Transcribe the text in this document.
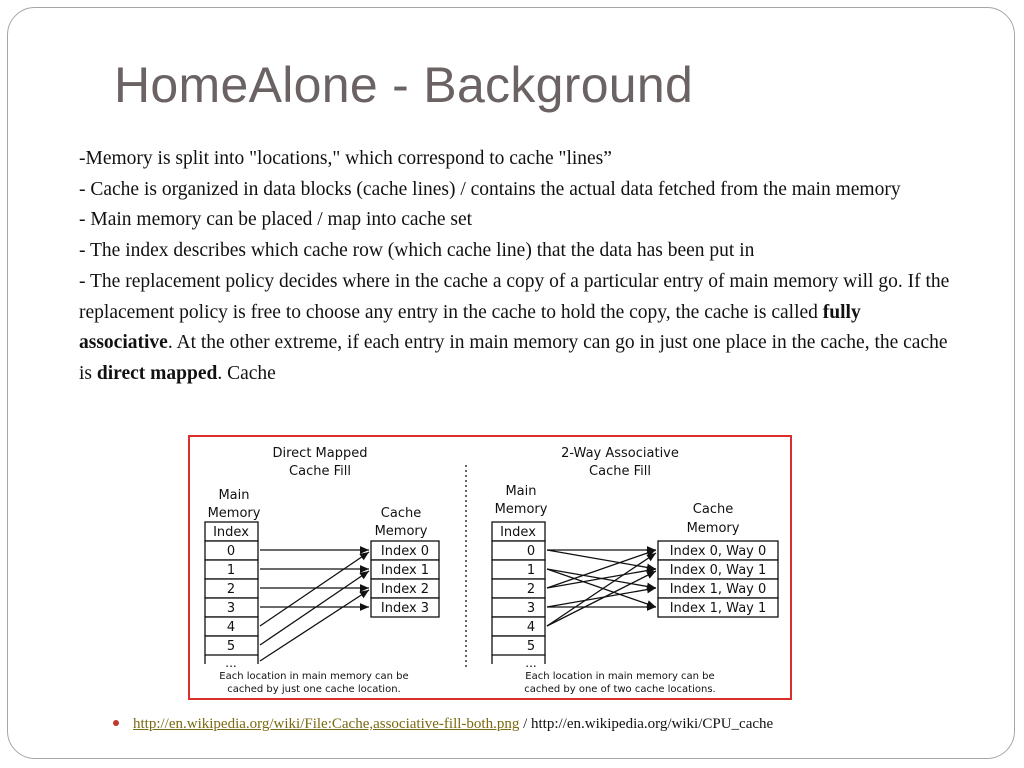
HomeAlone - Background

-Memory is split into "locations," which correspond to cache "lines”

- Cache is organized in data blocks (cache lines) / contains the actual data fetched from the main memory

- Main memory can be placed / map into cache set

- The index describes which cache row (which cache line) that the data has been put in

- The replacement policy decides where in the cache a copy of a particular entry of main memory will go. If the replacement policy is free to choose any entry in the cache to hold the copy, the cache is called fully associative. At the other extreme, if each entry in main memory can go in just one place in the cache, the cache is direct mapped. Cache

Direct Mapped
Cache Fill
Main
Memory	Cache
Memory
Index
0
1
2
3
4
5
...
Index 0
Index 1
Index 2
Index 3
Each location in main memory can be
cached by just one cache location.
2-Way Associative
Cache Fill
Main
Memory	Cache
Memory
Index
0
1
2
3
4
5
...
Index 0, Way 0
Index 0, Way 1
Index 1, Way 0
Index 1, Way 1
Each location in main memory can be
cached by one of two cache locations.
http://en.wikipedia.org/wiki/File:Cache,associative-fill-both.png / http://en.wikipedia.org/wiki/CPU_cache
